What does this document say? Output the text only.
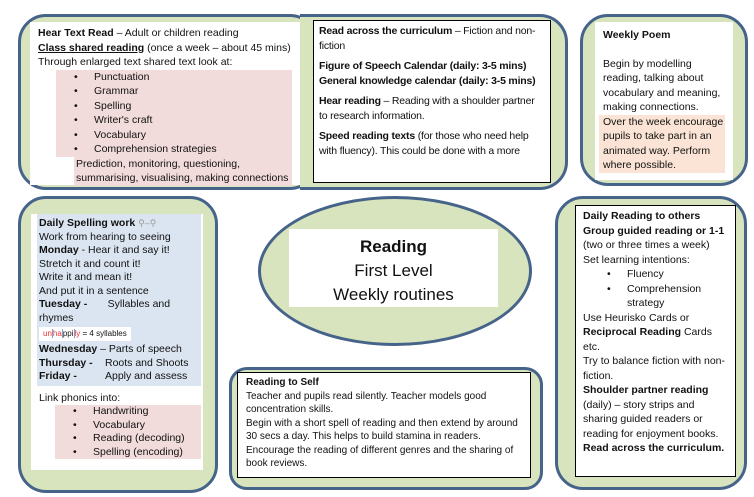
Hear Text Read – Adult or children reading

Class shared reading (once a week – about 45 mins)

Through enlarged text shared text look at:

• Punctuation
• Grammar
• Spelling
• Writer's craft
• Vocabulary
• Comprehension strategies

Prediction, monitoring, questioning, summarising, visualising, making connections

Read across the curriculum – Fiction and non-fiction

Figure of Speech Calendar (daily: 3-5 mins)

General knowledge calendar (daily: 3-5 mins)

Hear reading – Reading with a shoulder partner to research information.

Speed reading texts (for those who need help with fluency). This could be done with a more

Weekly Poem

Begin by modelling reading, talking about vocabulary and meaning, making connections.

Over the week encourage pupils to take part in an animated way. Perform where possible.

Daily Spelling work ⚲‒⚲

Work from hearing to seeing

Monday - Hear it and say it!

Stretch it and count it!

Write it and mean it!

And put it in a sentence

Tuesday - Syllables and rhymes

unhappily = 4 syllables

Wednesday – Parts of speech

Thursday - Roots and Shoots

Friday -	Apply and assess

Link phonics into:

• Handwriting
• Vocabulary
• Reading (decoding)
• Spelling (encoding)
Reading
First Level
Weekly routines

Reading to Self

Teacher and pupils read silently. Teacher models good concentration skills.

Begin with a short spell of reading and then extend by around 30 secs a day. This helps to build stamina in readers.

Encourage the reading of different genres and the sharing of book reviews.

Daily Reading to others

Group guided reading or 1-1

(two or three times a week)

Set learning intentions:

• Fluency
• Comprehension strategy

Use Heurisko Cards or

Reciprocal Reading Cards etc.

Try to balance fiction with non-fiction.

Shoulder partner reading

(daily) – story strips and sharing guided readers or reading for enjoyment books.

Read across the curriculum.
